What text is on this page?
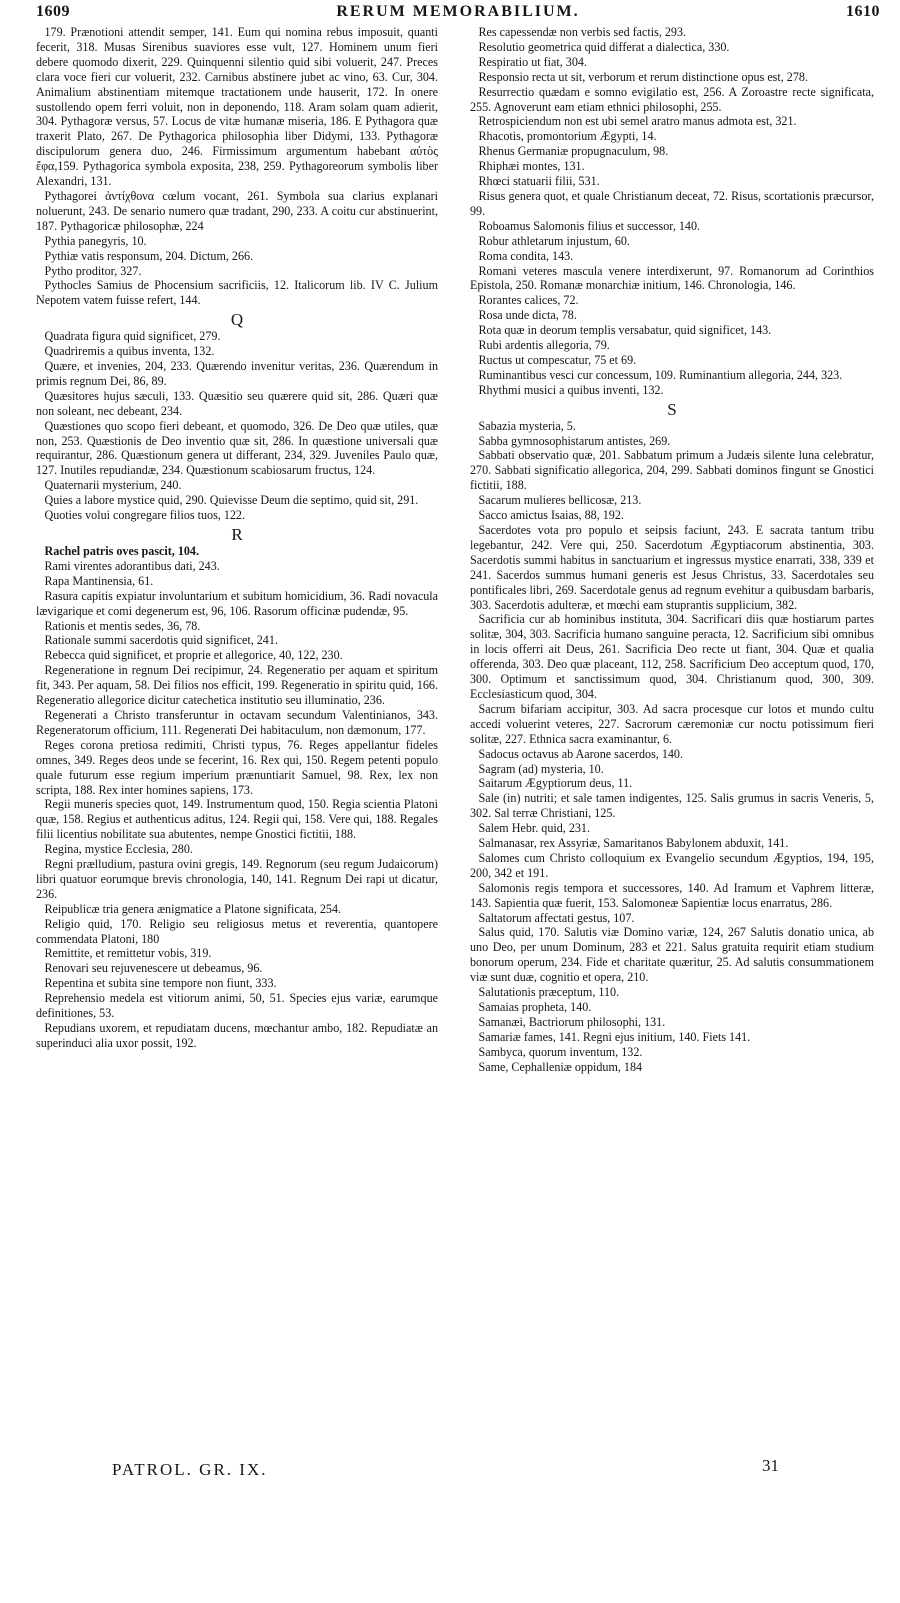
1609	RERUM MEMORABILIUM.	1610

179. Prænotioni attendit semper, 141. Eum qui nomina rebus imposuit, quanti fecerit, 318. Musas Sirenibus suaviores esse vult, 127. Hominem unum fieri debere quomodo dixerit, 229. Quinquenni silentio quid sibi voluerit, 247. Preces clara voce fieri cur voluerit, 232. Carnibus abstinere jubet ac vino, 63. Cur, 304. Animalium abstinentiam mitemque tractationem unde hauserit, 172. In onere sustollendo opem ferri voluit, non in deponendo, 118. Aram solam quam adierit, 304. Pythagoræ versus, 57. Locus de vitæ humanæ miseria, 186. E Pythagora quæ traxerit Plato, 267. De Pythagorica philosophia liber Didymi, 133. Pythagoræ discipulorum genera duo, 246. Firmissimum argumentum habebant αὐτὸς ἔφα,159. Pythagorica symbola exposita, 238, 259. Pythagoreorum symbolis liber Alexandri, 131.

Pythagorei ἀντίχθονα cœlum vocant, 261. Symbola sua clarius explanari noluerunt, 243. De senario numero quæ tradant, 290, 233. A coitu cur abstinuerint, 187. Pythagoricæ philosophæ, 224

Pythia panegyris, 10.

Pythiæ vatis responsum, 204. Dictum, 266.

Pytho proditor, 327.

Pythocles Samius de Phocensium sacrificiis, 12. Italicorum lib. IV C. Julium Nepotem vatem fuisse refert, 144.

Q

Quadrata figura quid significet, 279.

Quadriremis a quibus inventa, 132.

Quære, et invenies, 204, 233. Quærendo invenitur veritas, 236. Quærendum in primis regnum Dei, 86, 89.

Quæsitores hujus sæculi, 133. Quæsitio seu quærere quid sit, 286. Quæri quæ non soleant, nec debeant, 234.

Quæstiones quo scopo fieri debeant, et quomodo, 326. De Deo quæ utiles, quæ non, 253. Quæstionis de Deo inventio quæ sit, 286. In quæstione universali quæ requirantur, 286. Quæstionum genera ut differant, 234, 329. Juveniles Paulo quæ, 127. Inutiles repudiandæ, 234. Quæstionum scabiosarum fructus, 124.

Quaternarii mysterium, 240.

Quies a labore mystice quid, 290. Quievisse Deum die septimo, quid sit, 291.

Quoties volui congregare filios tuos, 122.

R

Rachel patris oves pascit, 104.

Rami virentes adorantibus dati, 243.

Rapa Mantinensia, 61.

Rasura capitis expiatur involuntarium et subitum homicidium, 36. Radi novacula lævigarique et comi degenerum est, 96, 106. Rasorum officinæ pudendæ, 95.

Rationis et mentis sedes, 36, 78.

Rationale summi sacerdotis quid significet, 241.

Rebecca quid significet, et proprie et allegorice, 40, 122, 230.

Regeneratione in regnum Dei recipimur, 24. Regeneratio per aquam et spiritum fit, 343. Per aquam, 58. Dei filios nos efficit, 199. Regeneratio in spiritu quid, 166. Regeneratio allegorice dicitur catechetica institutio seu illuminatio, 236.

Regenerati a Christo transferuntur in octavam secundum Valentinianos, 343. Regeneratorum officium, 111. Regenerati Dei habitaculum, non dæmonum, 177.

Reges corona pretiosa redimiti, Christi typus, 76. Reges appellantur fideles omnes, 349. Reges deos unde se fecerint, 16. Rex qui, 150. Regem petenti populo quale futurum esse regium imperium prænuntiarit Samuel, 98. Rex, lex non scripta, 188. Rex inter homines sapiens, 173.

Regii muneris species quot, 149. Instrumentum quod, 150. Regia scientia Platoni quæ, 158. Regius et authenticus aditus, 124. Regii qui, 158. Vere qui, 188. Regales filii licentius nobilitate sua abutentes, nempe Gnostici fictitii, 188.

Regina, mystice Ecclesia, 280.

Regni prælludium, pastura ovini gregis, 149. Regnorum (seu regum Judaicorum) libri quatuor eorumque brevis chronologia, 140, 141. Regnum Dei rapi ut dicatur, 236.

Reipublicæ tria genera ænigmatice a Platone significata, 254.

Religio quid, 170. Religio seu religiosus metus et reverentia, quantopere commendata Platoni, 180

Remittite, et remittetur vobis, 319.

Renovari seu rejuvenescere ut debeamus, 96.

Repentina et subita sine tempore non fiunt, 333.

Reprehensio medela est vitiorum animi, 50, 51. Species ejus variæ, earumque definitiones, 53.

Repudians uxorem, et repudiatam ducens, mœchantur ambo, 182. Repudiatæ an superinduci alia uxor possit, 192.

Res capessendæ non verbis sed factis, 293.

Resolutio geometrica quid differat a dialectica, 330.

Respiratio ut fiat, 304.

Responsio recta ut sit, verborum et rerum distinctione opus est, 278.

Resurrectio quædam e somno evigilatio est, 256. A Zoroastre recte significata, 255. Agnoverunt eam etiam ethnici philosophi, 255.

Retrospiciendum non est ubi semel aratro manus admota est, 321.

Rhacotis, promontorium Ægypti, 14.

Rhenus Germaniæ propugnaculum, 98.

Rhiphæi montes, 131.

Rhœci statuarii filii, 531.

Risus genera quot, et quale Christianum deceat, 72. Risus, scortationis præcursor, 99.

Roboamus Salomonis filius et successor, 140.

Robur athletarum injustum, 60.

Roma condita, 143.

Romani veteres mascula venere interdixerunt, 97. Romanorum ad Corinthios Epistola, 250. Romanæ monarchiæ initium, 146. Chronologia, 146.

Rorantes calices, 72.

Rosa unde dicta, 78.

Rota quæ in deorum templis versabatur, quid significet, 143.

Rubi ardentis allegoria, 79.

Ructus ut compescatur, 75 et 69.

Ruminantibus vesci cur concessum, 109. Ruminantium allegoria, 244, 323.

Rhythmi musici a quibus inventi, 132.

S

Sabazia mysteria, 5.

Sabba gymnosophistarum antistes, 269.

Sabbati observatio quæ, 201. Sabbatum primum a Judæis silente luna celebratur, 270. Sabbati significatio allegorica, 204, 299. Sabbati dominos fingunt se Gnostici fictitii, 188.

Sacarum mulieres bellicosæ, 213.

Sacco amictus Isaias, 88, 192.

Sacerdotes vota pro populo et seipsis faciunt, 243. E sacrata tantum tribu legebantur, 242. Vere qui, 250. Sacerdotum Ægyptiacorum abstinentia, 303. Sacerdotis summi habitus in sanctuarium et ingressus mystice enarrati, 338, 339 et 241. Sacerdos summus humani generis est Jesus Christus, 33. Sacerdotales seu pontificales libri, 269. Sacerdotale genus ad regnum evehitur a quibusdam barbaris, 303. Sacerdotis adulteræ, et mœchi eam stuprantis supplicium, 382.

Sacrificia cur ab hominibus instituta, 304. Sacrificari diis quæ hostiarum partes solitæ, 304, 303. Sacrificia humano sanguine peracta, 12. Sacrificium sibi omnibus in locis offerri ait Deus, 261. Sacrificia Deo recte ut fiant, 304. Quæ et qualia offerenda, 303. Deo quæ placeant, 112, 258. Sacrificium Deo acceptum quod, 170, 300. Optimum et sanctissimum quod, 304. Christianum quod, 300, 309. Ecclesiasticum quod, 304.

Sacrum bifariam accipitur, 303. Ad sacra procesque cur lotos et mundo cultu accedi voluerint veteres, 227. Sacrorum cæremoniæ cur noctu potissimum fieri solitæ, 227. Ethnica sacra examinantur, 6.

Sadocus octavus ab Aarone sacerdos, 140.

Sagram (ad) mysteria, 10.

Saitarum Ægyptiorum deus, 11.

Sale (in) nutriti; et sale tamen indigentes, 125. Salis grumus in sacris Veneris, 5, 302. Sal terræ Christiani, 125.

Salem Hebr. quid, 231.

Salmanasar, rex Assyriæ, Samaritanos Babylonem abduxit, 141.

Salomes cum Christo colloquium ex Evangelio secundum Ægyptios, 194, 195, 200, 342 et 191.

Salomonis regis tempora et successores, 140. Ad Iramum et Vaphrem litteræ, 143. Sapientia quæ fuerit, 153. Salomoneæ Sapientiæ locus enarratus, 286.

Saltatorum affectati gestus, 107.

Salus quid, 170. Salutis viæ Domino variæ, 124, 267 Salutis donatio unica, ab uno Deo, per unum Dominum, 283 et 221. Salus gratuita requirit etiam studium bonorum operum, 234. Fide et charitate quæritur, 25. Ad salutis consummationem viæ sunt duæ, cognitio et opera, 210.

Salutationis præceptum, 110.

Samaias propheta, 140.

Samanæi, Bactriorum philosophi, 131.

Samariæ fames, 141. Regni ejus initium, 140. Fiets 141.

Sambyca, quorum inventum, 132.

Same, Cephalleniæ oppidum, 184

PATROL. GR. IX.	31
